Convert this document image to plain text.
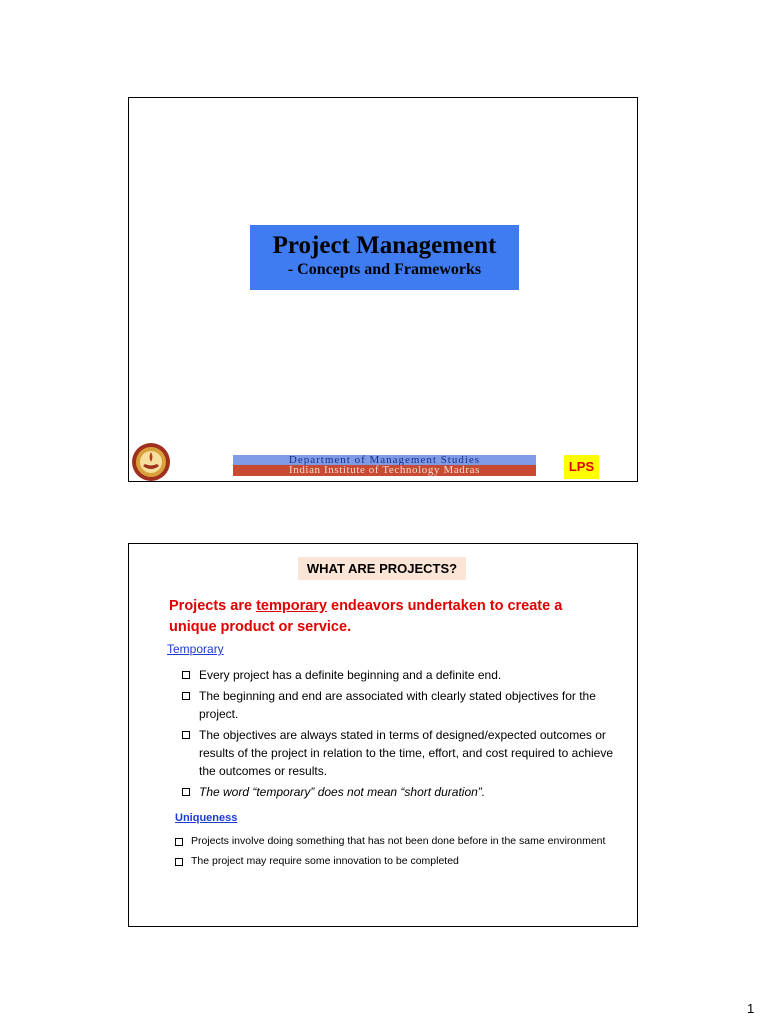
Project Management
- Concepts and Frameworks
Department of Management Studies
Indian Institute of Technology Madras	LPS
WHAT ARE PROJECTS?
Projects are temporary endeavors undertaken to create a unique product or service.
Temporary
Every project has a definite beginning and a definite end.
The beginning and end are associated with clearly stated objectives for the project.
The objectives are always stated in terms of designed/expected outcomes or results of the project in relation to the time, effort, and cost required to achieve the outcomes or results.
The word “temporary” does not mean “short duration”.
Uniqueness
Projects involve doing something that has not been done before in the same environment
The project may require some innovation to be completed
1
